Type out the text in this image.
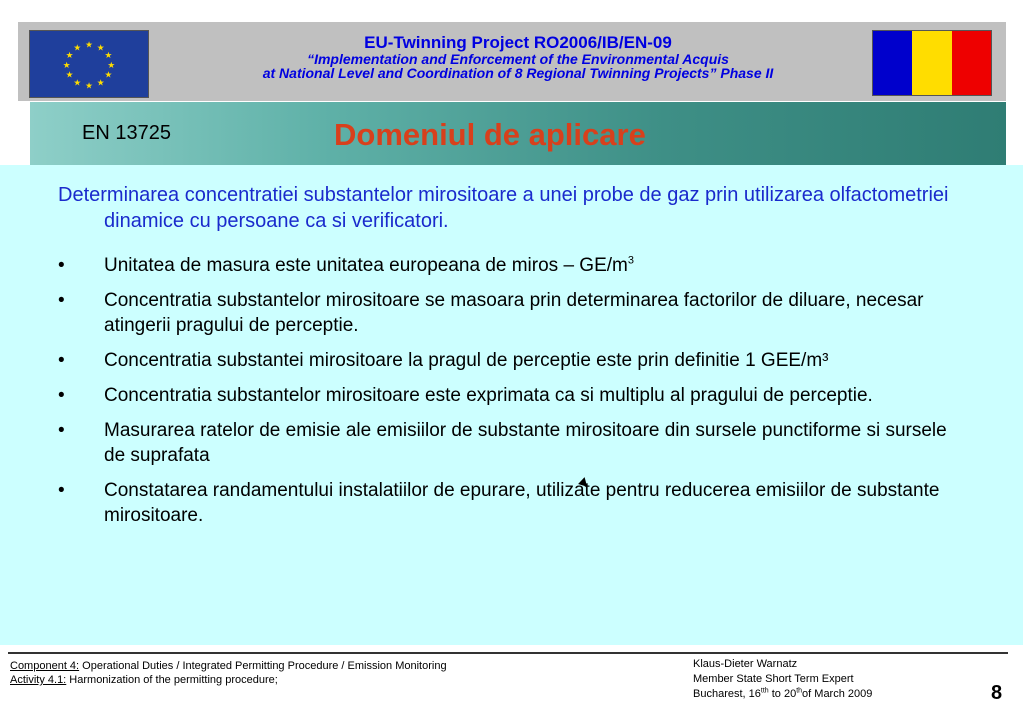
★ ★
★
★
★
★
★
★
★
★
★
★	EU-Twinning Project RO2006/IB/EN-09
“Implementation and Enforcement of the Environmental Acquis
at National Level and Coordination of 8 Regional Twinning Projects” Phase II
EN 13725	Domeniul de aplicare
Determinarea concentratiei substantelor mirositoare a unei probe de gaz prin utilizarea olfactometriei dinamice cu persoane ca si verificatori.
• Unitatea de masura este unitatea europeana de miros – $GE/m^3$
• Concentratia substantelor mirositoare se masoara prin determinarea factorilor de diluare, necesar atingerii pragului de perceptie.
• Concentratia substantei mirositoare la pragul de perceptie este prin definitie 1 GEE/m³
• Concentratia substantelor mirositoare este exprimata ca si multiplu al pragului de perceptie.
• Masurarea ratelor de emisie ale emisiilor de substante mirositoare din sursele punctiforme si sursele de suprafata
• Constatarea randamentului instalatiilor de epurare, utilizate pentru reducerea emisiilor de substante mirositoare.
Component 4: Operational Duties / Integrated Permitting Procedure / Emission Monitoring
Activity 4.1: Harmonization of the permitting procedure;
Klaus-Dieter Warnatz
Member State Short Term Expert
Bucharest, $16^{tth}$ to 20thof March 2009	8
